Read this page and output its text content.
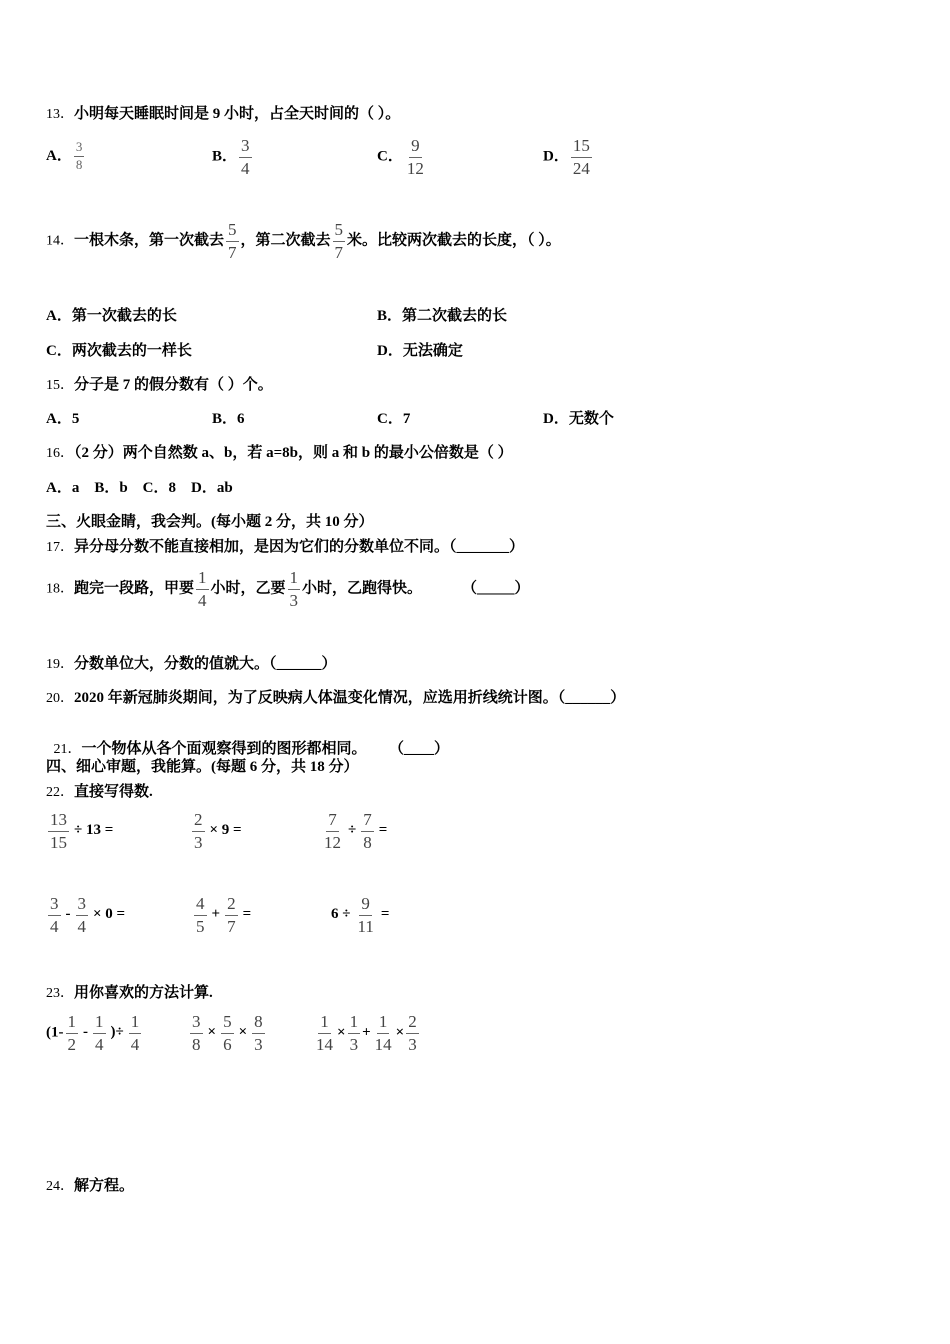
13．小明每天睡眠时间是 9 小时，占全天时间的（ ）。
A． $\frac{3}{8}$	B． $\frac{3}{4}$	C． $\frac{9}{12}$	D． $\frac{15}{24}$
14．一根木条，第一次截去 $\frac{5}{7}$ ，第二次截去 $\frac{5}{7}$ 米。比较两次截去的长度，（ ）。
A．第一次截去的长	B．第二次截去的长
C．两次截去的一样长	D．无法确定
15．分子是 7 的假分数有（ ）个。
A．5	B．6	C．7	D．无数个
16．（2 分）两个自然数 a、b，若 a=8b，则 a 和 b 的最小公倍数是（ ）
A．a    B．b    C．8    D．ab
三、火眼金睛，我会判。(每小题 2 分，共 10 分）
17．异分母分数不能直接相加，是因为它们的分数单位不同。（_______）
18．跑完一段路，甲要 $\frac{1}{4}$ 小时，乙要 $\frac{1}{3}$ 小时，乙跑得快。	（_____）
19．分数单位大，分数的值就大。（______）
20．2020 年新冠肺炎期间，为了反映病人体温变化情况，应选用折线统计图。（______）

21．一个物体从各个面观察得到的图形都相同。      （____）

四、细心审题，我能算。(每题 6 分，共 18 分）
22．直接写得数.
$\frac{13}{15} \div 13$ =	$\frac{2}{3} \times 9$ =	$\frac{7}{12} \div \frac{7}{8}$ =
$\frac{3}{4} - \frac{3}{4} \times 0$ =	$\frac{4}{5} + \frac{2}{7}$ =	$6 \div \frac{9}{11}$ =
23．用你喜欢的方法计算.
($1- \frac{1}{2} - \frac{1}{4}$ )÷ $\frac{1}{4}$	$\frac{3}{8} \times \frac{5}{6} \times \frac{8}{3}$	$\frac{1}{14} \times \frac{1}{3} + \frac{1}{14} \times \frac{2}{3}$
24．解方程。
